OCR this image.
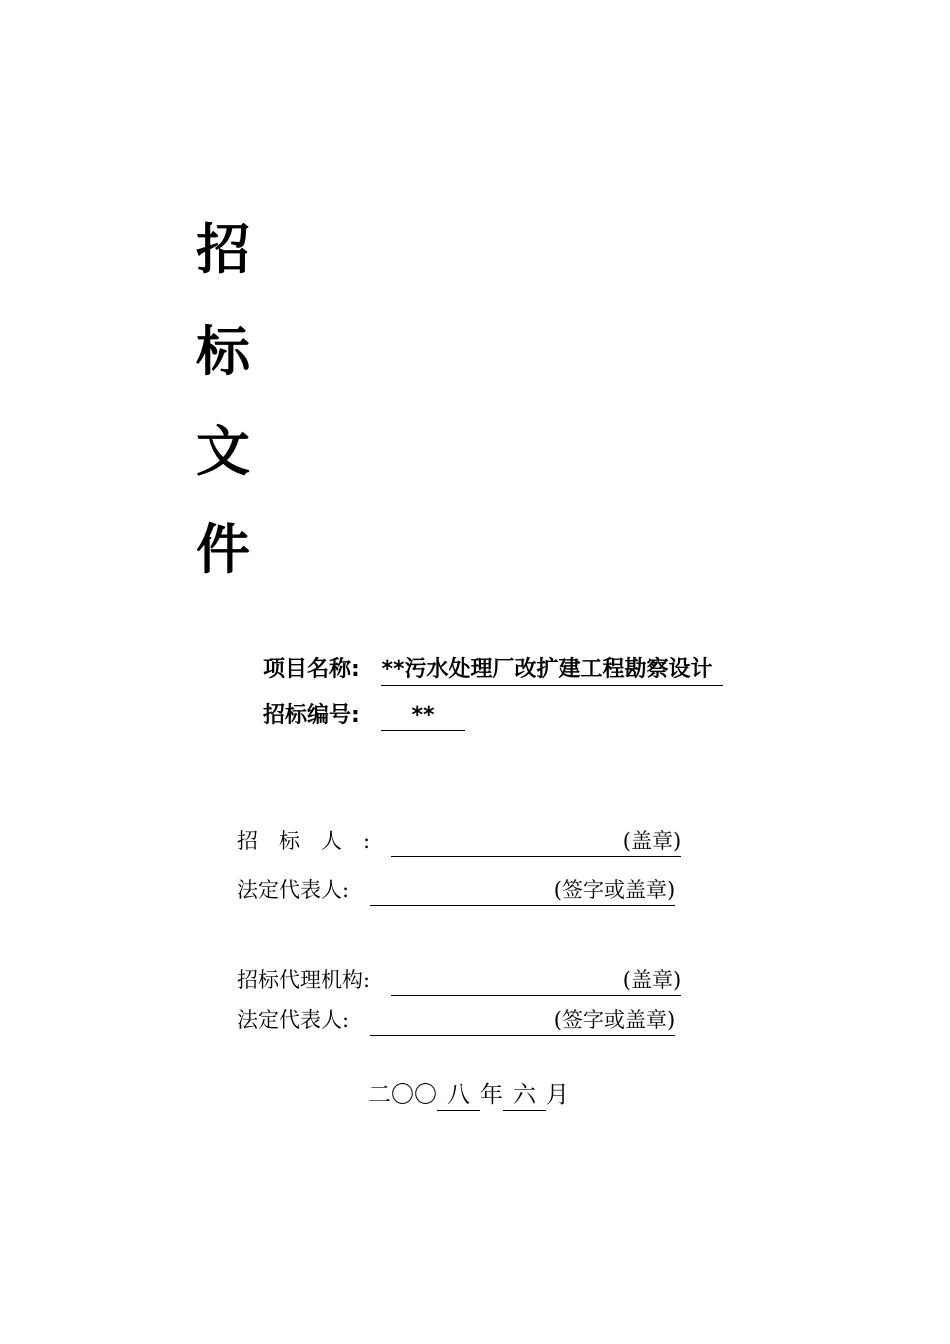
招
标
文
件
项目名称: **污水处理厂改扩建工程勘察设计
招标编号: **
招　标　人　:	(盖章)
法定代表人:	(签字或盖章)
招标代理机构:	(盖章)
法定代表人:	(签字或盖章)
二〇〇 八 年 六 月
